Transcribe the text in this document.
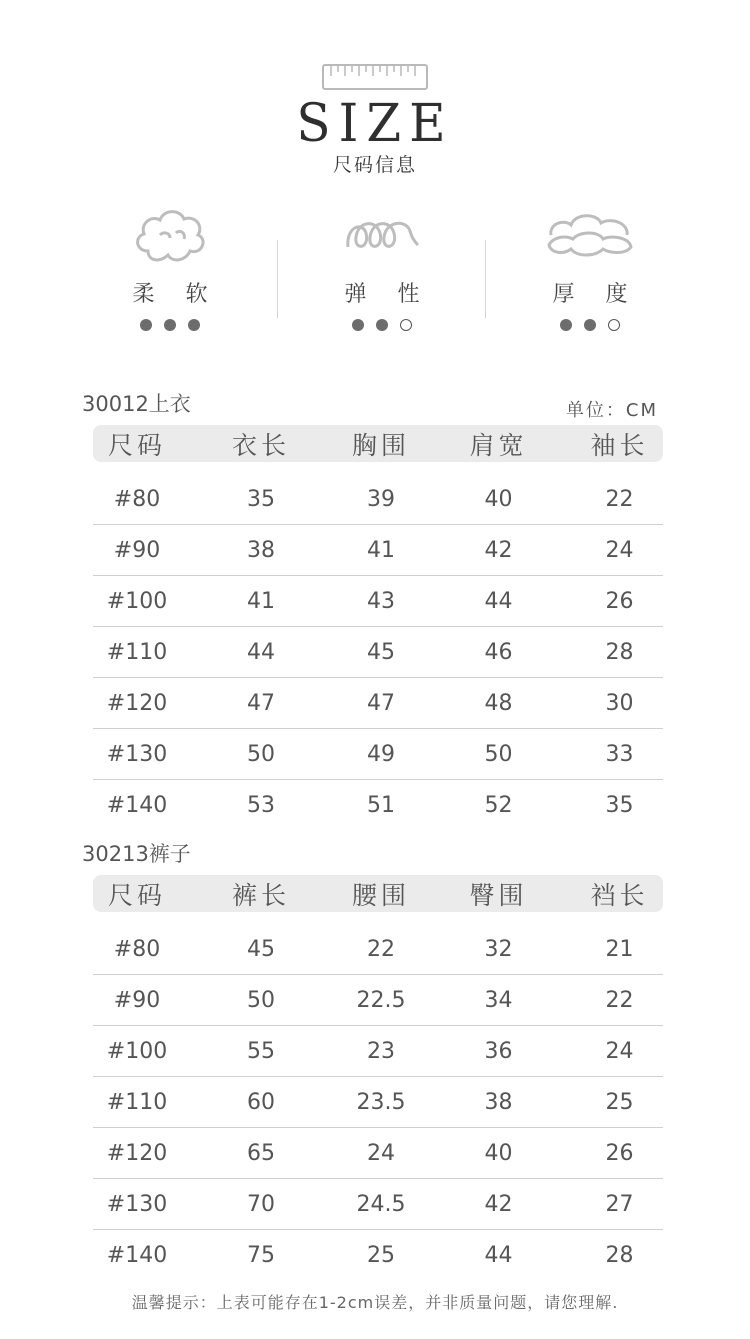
SIZE
尺码信息
柔 软	弹 性	厚 度
30012上衣	单位：CM
尺码	衣长	胸围	肩宽	袖长
#80	35	39	40	22
#90	38	41	42	24
#100	41	43	44	26
#110	44	45	46	28
#120	47	47	48	30
#130	50	49	50	33
#140	53	51	52	35
30213裤子
尺码	裤长	腰围	臀围	裆长
#80	45	22	32	21
#90	50	22.5	34	22
#100	55	23	36	24
#110	60	23.5	38	25
#120	65	24	40	26
#130	70	24.5	42	27
#140	75	25	44	28
温馨提示：上表可能存在1-2cm误差，并非质量问题，请您理解.
